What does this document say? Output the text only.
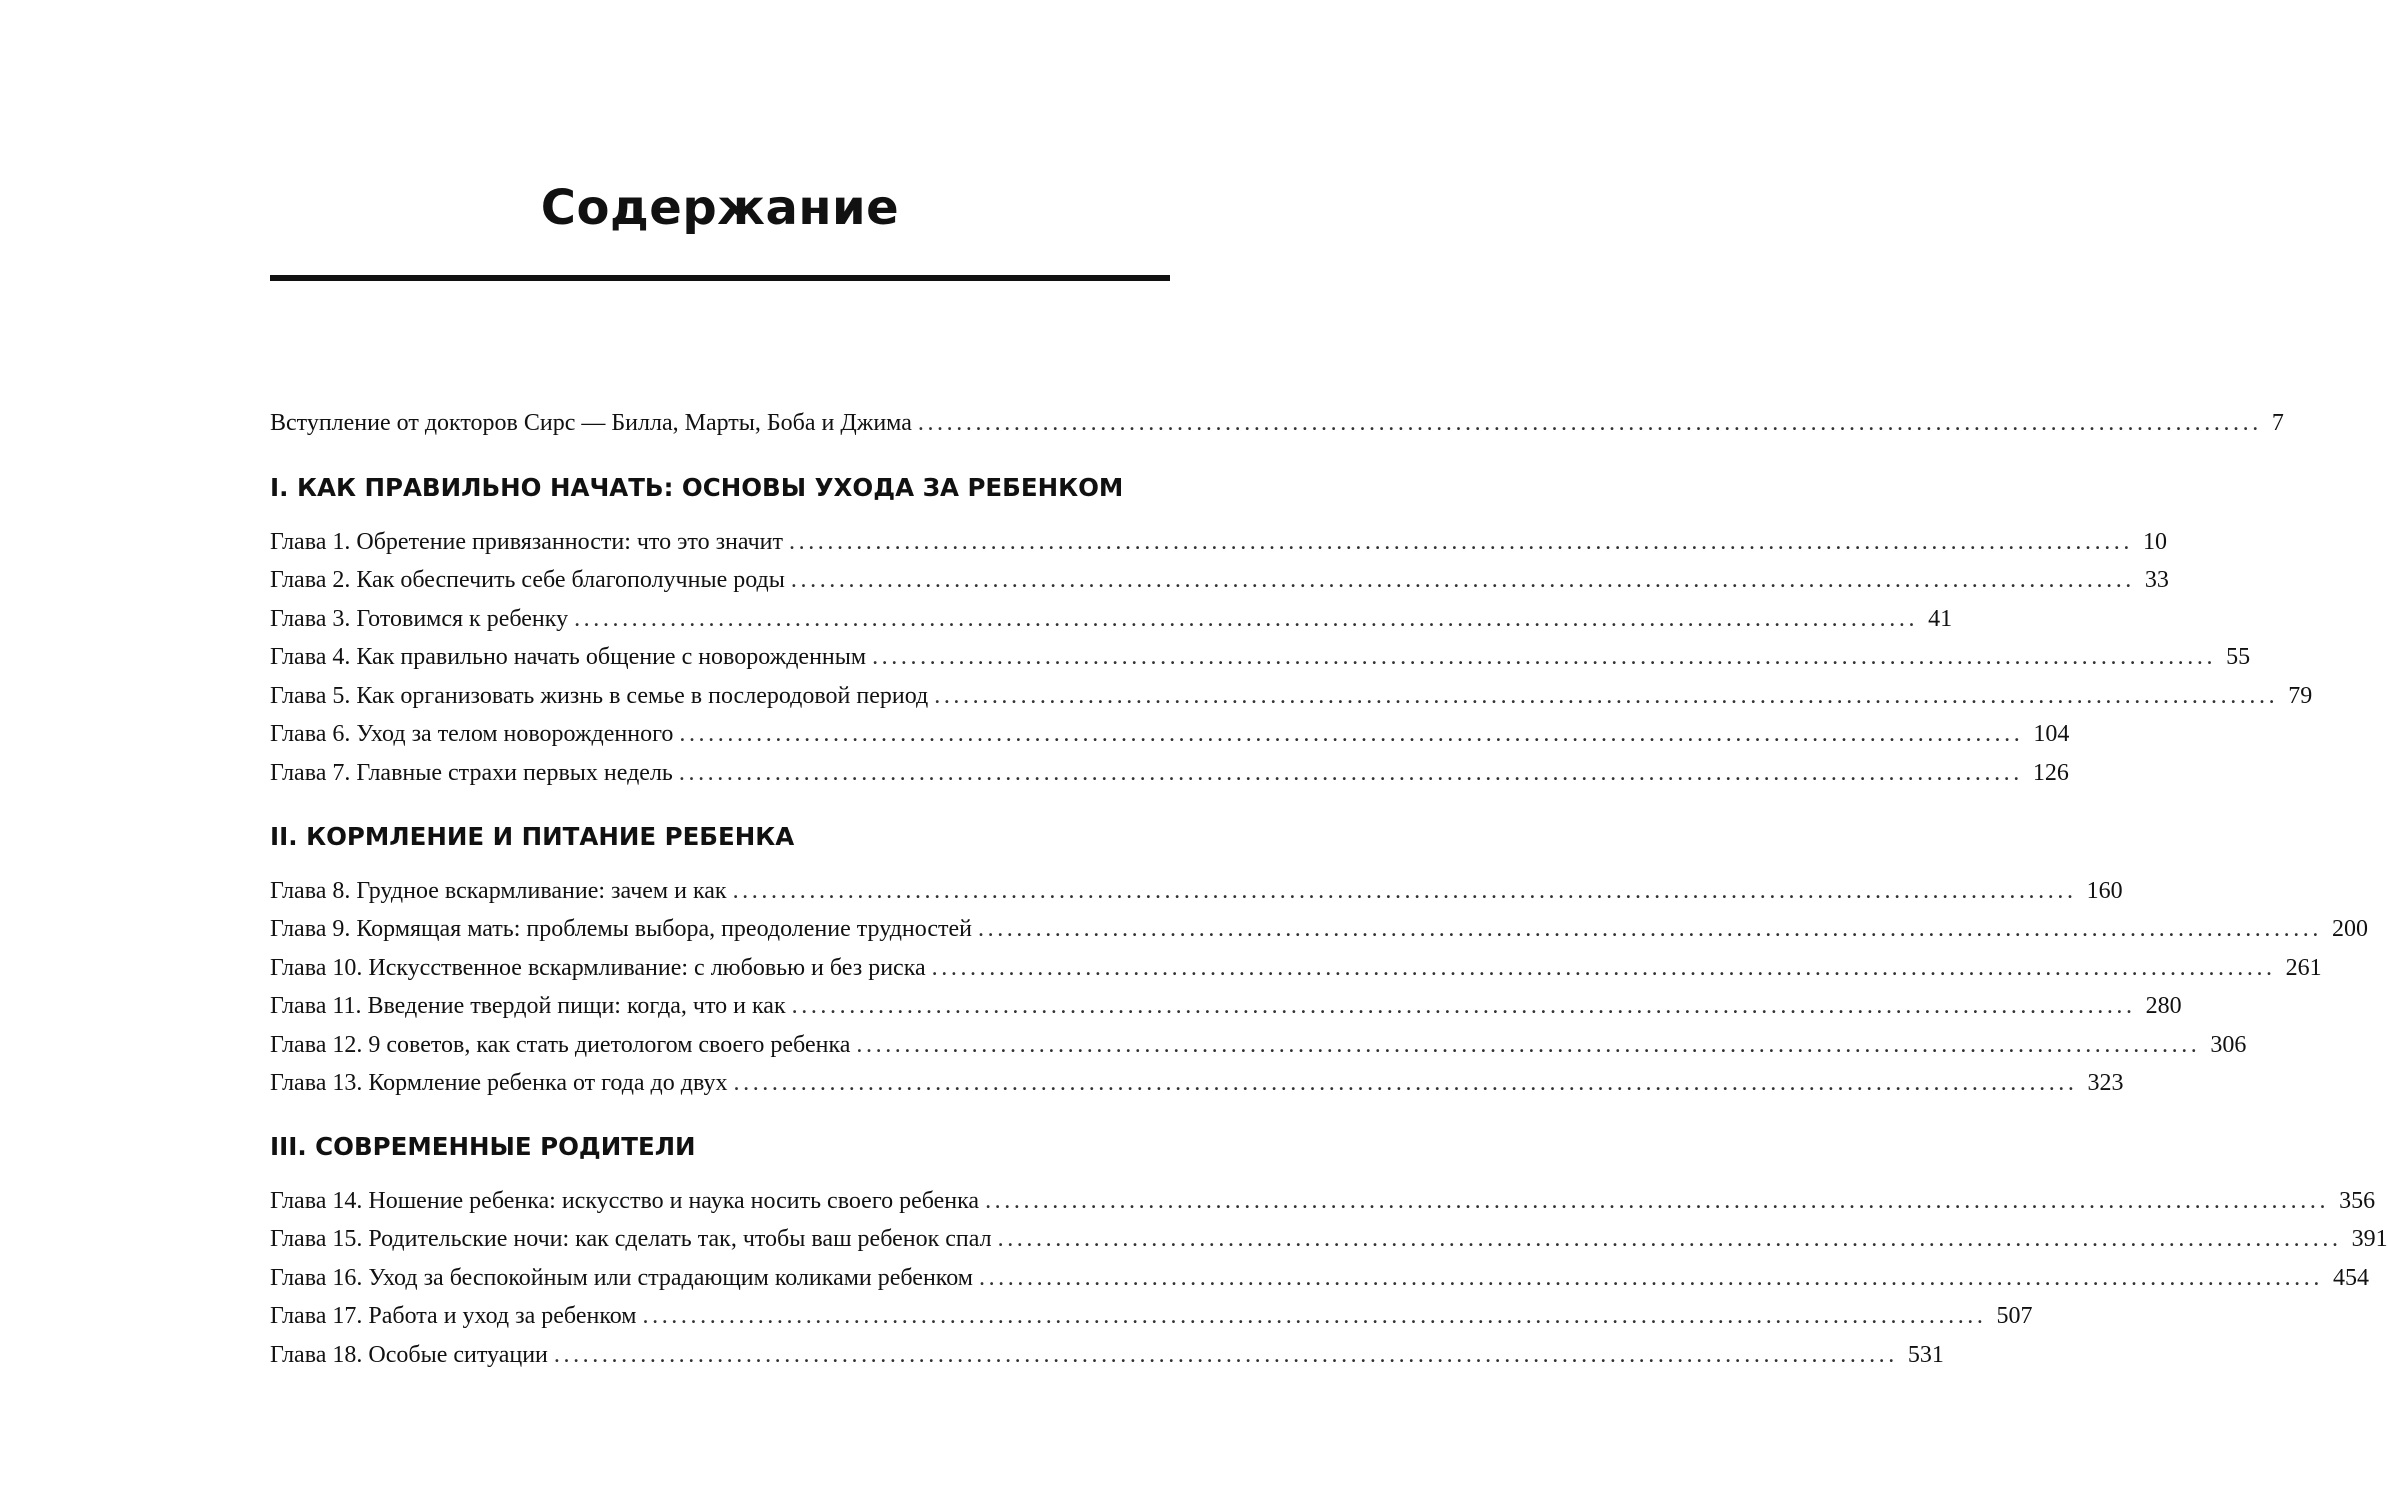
Содержание
Вступление от докторов Сирс — Билла, Марты, Боба и Джима ............................................................................................................................................ 7
I. КАК ПРАВИЛЬНО НАЧАТЬ: ОСНОВЫ УХОДА ЗА РЕБЕНКОМ
Глава 1. Обретение привязанности: что это значит ............................................................................................................................................ 10
Глава 2. Как обеспечить себе благополучные роды ............................................................................................................................................ 33
Глава 3. Готовимся к ребенку ............................................................................................................................................ 41
Глава 4. Как правильно начать общение с новорожденным ............................................................................................................................................ 55
Глава 5. Как организовать жизнь в семье в послеродовой период ............................................................................................................................................ 79
Глава 6. Уход за телом новорожденного ............................................................................................................................................ 104
Глава 7. Главные страхи первых недель ............................................................................................................................................ 126
II. КОРМЛЕНИЕ И ПИТАНИЕ РЕБЕНКА
Глава 8. Грудное вскармливание: зачем и как ............................................................................................................................................ 160
Глава 9. Кормящая мать: проблемы выбора, преодоление трудностей ............................................................................................................................................ 200
Глава 10. Искусственное вскармливание: с любовью и без риска ............................................................................................................................................ 261
Глава 11. Введение твердой пищи: когда, что и как ............................................................................................................................................ 280
Глава 12. 9 советов, как стать диетологом своего ребенка ............................................................................................................................................ 306
Глава 13. Кормление ребенка от года до двух ............................................................................................................................................ 323
III. СОВРЕМЕННЫЕ РОДИТЕЛИ
Глава 14. Ношение ребенка: искусство и наука носить своего ребенка ............................................................................................................................................ 356
Глава 15. Родительские ночи: как сделать так, чтобы ваш ребенок спал ............................................................................................................................................ 391
Глава 16. Уход за беспокойным или страдающим коликами ребенком ............................................................................................................................................ 454
Глава 17. Работа и уход за ребенком ............................................................................................................................................ 507
Глава 18. Особые ситуации ............................................................................................................................................ 531
